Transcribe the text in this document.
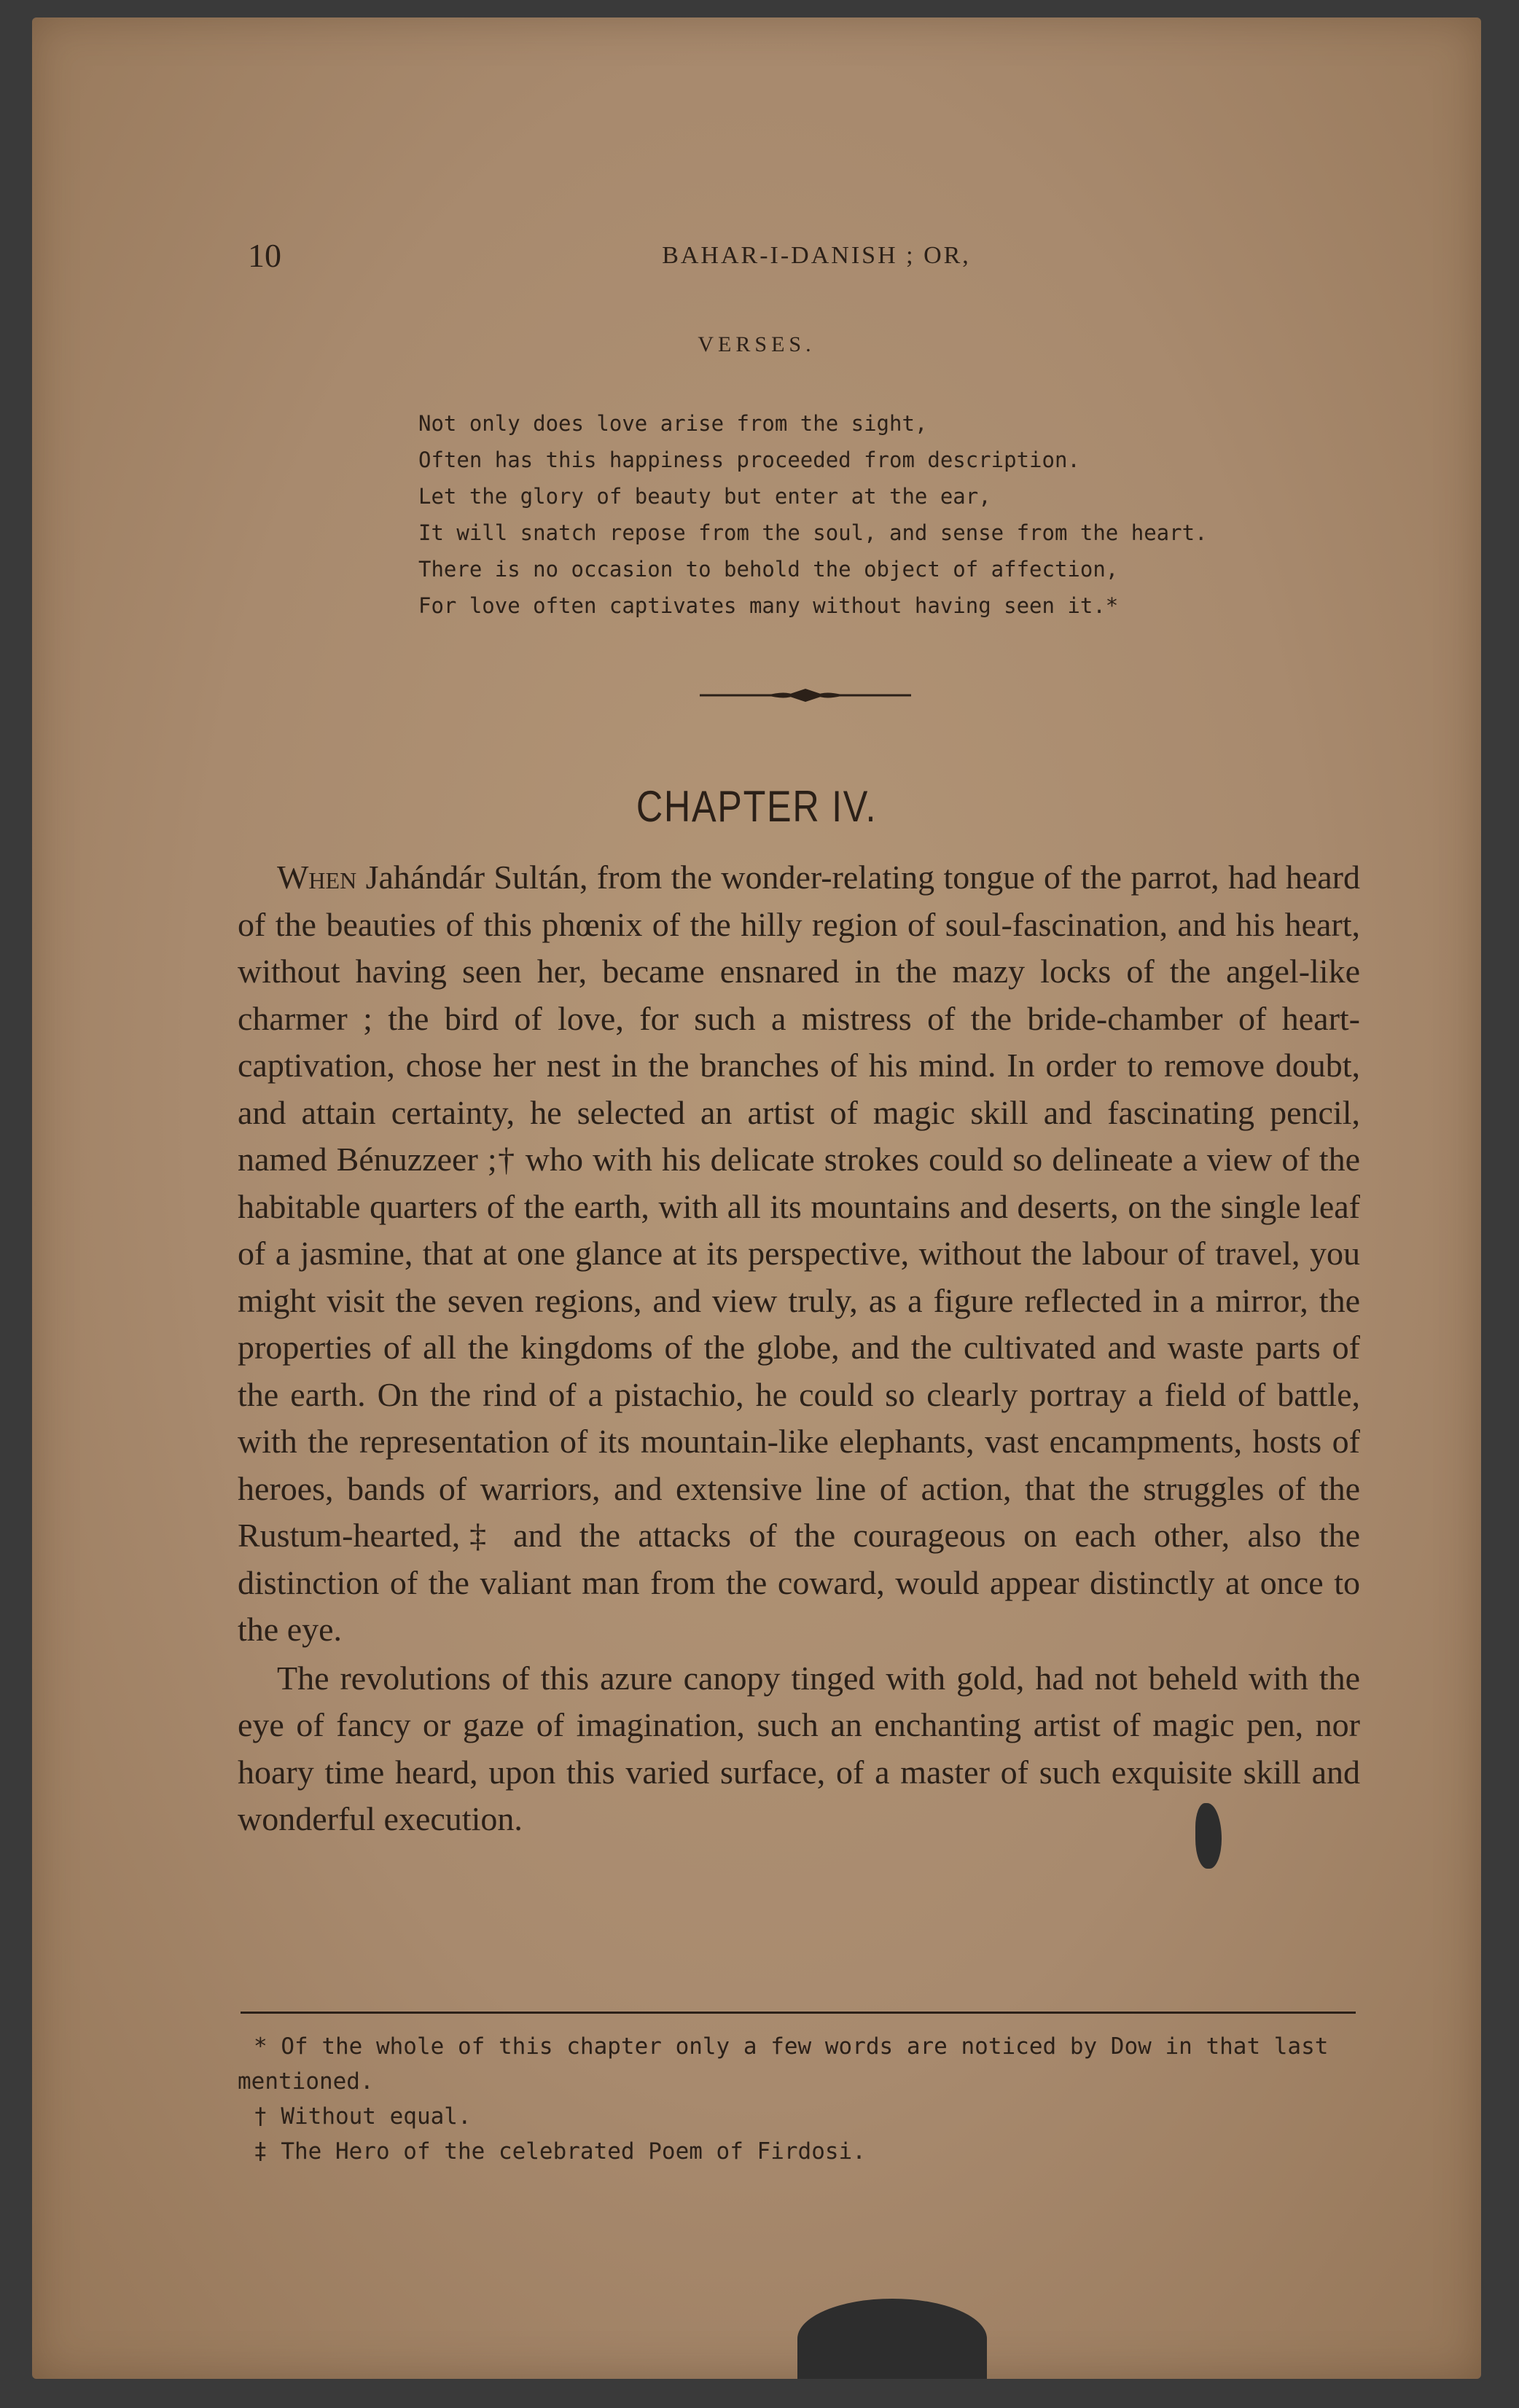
10	BAHAR-I-DANISH ; OR,
VERSES.
Not only does love arise from the sight,
Often has this happiness proceeded from description.
Let the glory of beauty but enter at the ear,
It will snatch repose from the soul, and sense from the heart.
There is no occasion to behold the object of affection,
For love often captivates many without having seen it.*
CHAPTER IV.

When Jahándár Sultán, from the wonder-relating tongue of the parrot, had heard of the beauties of this phœnix of the hilly region of soul-fascination, and his heart, without having seen her, became ensnared in the mazy locks of the angel-like charmer ; the bird of love, for such a mistress of the bride-chamber of heart-captivation, chose her nest in the branches of his mind. In order to remove doubt, and attain certainty, he selected an artist of magic skill and fascinating pencil, named Bénuzzeer ;† who with his delicate strokes could so delineate a view of the habitable quarters of the earth, with all its mountains and deserts, on the single leaf of a jasmine, that at one glance at its perspective, without the labour of travel, you might visit the seven regions, and view truly, as a figure reflected in a mirror, the properties of all the kingdoms of the globe, and the cultivated and waste parts of the earth. On the rind of a pistachio, he could so clearly portray a field of battle, with the representation of its mountain-like elephants, vast encampments, hosts of heroes, bands of warriors, and extensive line of action, that the struggles of the Rustum-hearted,‡ and the attacks of the courageous on each other, also the distinction of the valiant man from the coward, would appear distinctly at once to the eye.

The revolutions of this azure canopy tinged with gold, had not beheld with the eye of fancy or gaze of imagination, such an enchanting artist of magic pen, nor hoary time heard, upon this varied surface, of a master of such exquisite skill and wonderful execution.

* Of the whole of this chapter only a few words are noticed by Dow in that last mentioned.

† Without equal.

‡ The Hero of the celebrated Poem of Firdosi.
